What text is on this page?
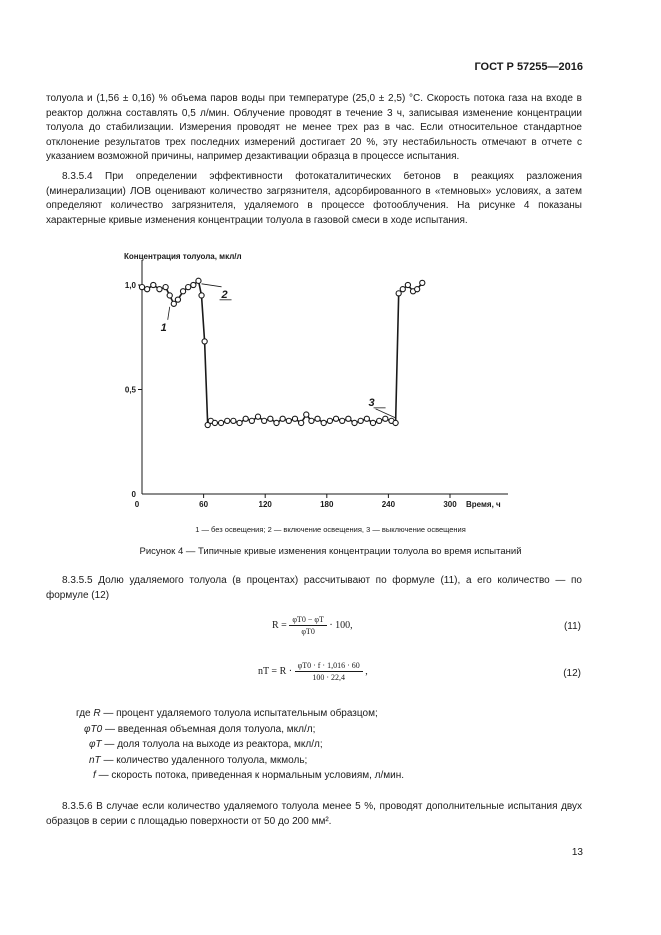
ГОСТ Р 57255—2016
толуола и (1,56 ± 0,16) % объема паров воды при температуре (25,0 ± 2,5) °С. Скорость потока газа на входе в реактор должна составлять 0,5 л/мин. Облучение проводят в течение 3 ч, записывая изменение концентрации толуола до стабилизации. Измерения проводят не менее трех раз в час. Если относительное стандартное отклонение результатов трех последних измерений достигает 20 %, эту нестабильность отмечают в отчете с указанием возможной причины, например дезактивации образца в процессе испытания.
8.3.5.4 При определении эффективности фотокаталитических бетонов в реакциях разложения (минерализации) ЛОВ оценивают количество загрязнителя, адсорбированного в «темновых» условиях, а затем определяют количество загрязнителя, удаляемого в процессе фотооблучения. На рисунке 4 показаны характерные кривые изменения концентрации толуола в газовой смеси в ходе испытания.
Концентрация толуола, мкл/л
Время, ч
0	60	120	180	240	300
0
0,5
1,0
1
2
3
1 — без освещения; 2 — включение освещения, 3 — выключение освещения
Рисунок 4 — Типичные кривые изменения концентрации толуола во время испытаний
8.3.5.5 Долю удаляемого толуола (в процентах) рассчитывают по формуле (11), а его количество — по формуле (12)
$R = \frac{\varphi T0 - \varphi T}{\varphi T0} \cdot 100$,	(11)
nT = $R \cdot \frac{\varphi T0 \cdot f \cdot 1,016 \cdot 60}{100 \cdot 22,4}$ ,	(12)
где R — процент удаляемого толуола испытательным образцом;
φT0 — введенная объемная доля толуола, мкл/л;
φT — доля толуола на выходе из реактора, мкл/л;
nT — количество удаленного толуола, мкмоль;
f — скорость потока, приведенная к нормальным условиям, л/мин.
8.3.5.6 В случае если количество удаляемого толуола менее 5 %, проводят дополнительные испытания двух образцов в серии с площадью поверхности от 50 до 200 мм².
13
